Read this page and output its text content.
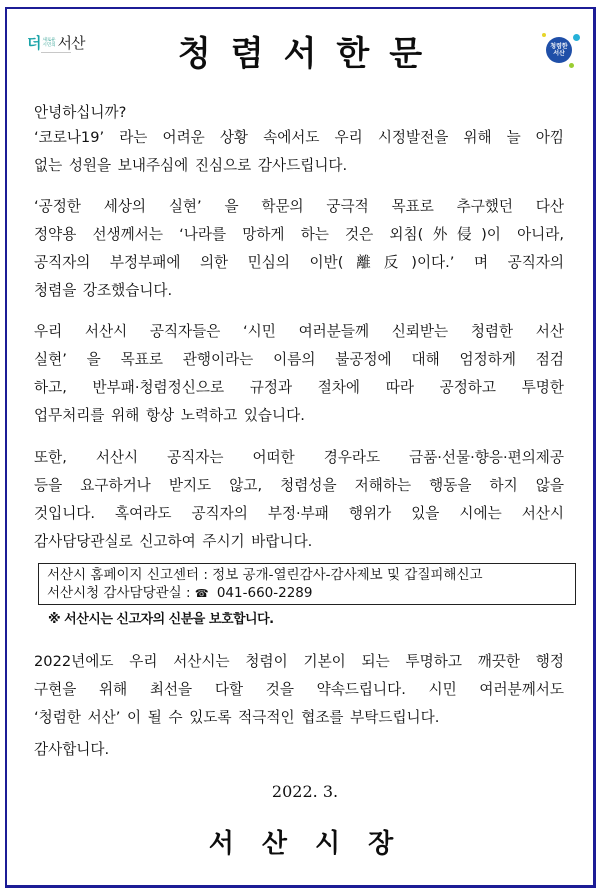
더 새로운
시민의 서산	청렴서한문	청렴한
서산
안녕하십니까?
‘코로나19’ 라는 어려운 상황 속에서도 우리 시정발전을 위해 늘 아낌
없는 성원을 보내주심에 진심으로 감사드립니다.
‘공정한 세상의 실현’ 을 학문의 궁극적 목표로 추구했던 다산
정약용 선생께서는 ‘나라를 망하게 하는 것은 외침(外侵)이 아니라,
공직자의 부정부패에 의한 민심의 이반(離反)이다.’ 며 공직자의
청렴을 강조했습니다.
우리 서산시 공직자들은 ‘시민 여러분들께 신뢰받는 청렴한 서산
실현’ 을 목표로 관행이라는 이름의 불공정에 대해 엄정하게 점검
하고, 반부패·청렴정신으로 규정과 절차에 따라 공정하고 투명한
업무처리를 위해 항상 노력하고 있습니다.
또한, 서산시 공직자는 어떠한 경우라도 금품·선물·향응·편의제공
등을 요구하거나 받지도 않고, 청렴성을 저해하는 행동을 하지 않을
것입니다. 혹여라도 공직자의 부정·부패 행위가 있을 시에는 서산시
감사담당관실로 신고하여 주시기 바랍니다.
서산시 홈페이지 신고센터 : 정보 공개-열린감사-감사제보 및 갑질피해신고
서산시청 감사담당관실 : ☎ 041-660-2289
※ 서산시는 신고자의 신분을 보호합니다.
2022년에도 우리 서산시는 청렴이 기본이 되는 투명하고 깨끗한 행정
구현을 위해 최선을 다할 것을 약속드립니다. 시민 여러분께서도
‘청렴한 서산’ 이 될 수 있도록 적극적인 협조를 부탁드립니다.
감사합니다.
2022. 3.
서산시장
